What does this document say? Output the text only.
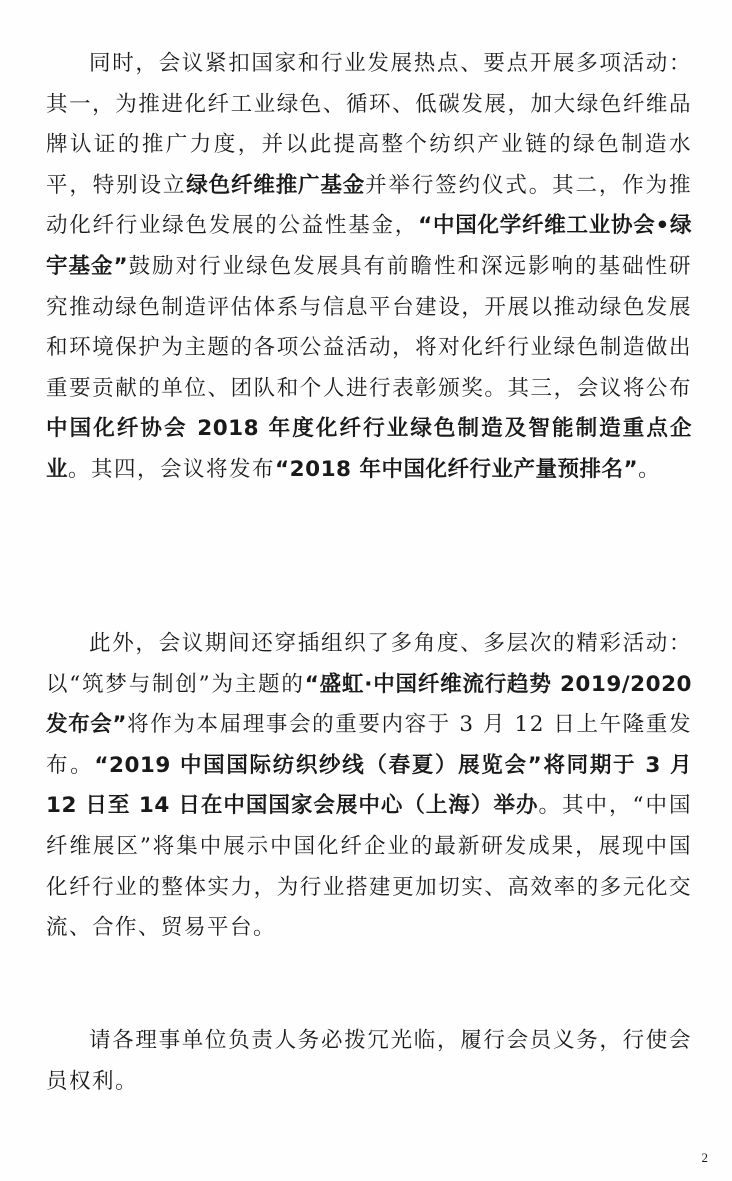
同时，会议紧扣国家和行业发展热点、要点开展多项活动：其一，为推进化纤工业绿色、循环、低碳发展，加大绿色纤维品牌认证的推广力度，并以此提高整个纺织产业链的绿色制造水平，特别设立绿色纤维推广基金并举行签约仪式。其二，作为推动化纤行业绿色发展的公益性基金，“中国化学纤维工业协会•绿宇基金”鼓励对行业绿色发展具有前瞻性和深远影响的基础性研究推动绿色制造评估体系与信息平台建设，开展以推动绿色发展和环境保护为主题的各项公益活动，将对化纤行业绿色制造做出重要贡献的单位、团队和个人进行表彰颁奖。其三，会议将公布中国化纤协会 2018 年度化纤行业绿色制造及智能制造重点企业。其四，会议将发布“2018 年中国化纤行业产量预排名”。

此外，会议期间还穿插组织了多角度、多层次的精彩活动：以“筑梦与制创”为主题的“盛虹·中国纤维流行趋势 2019/2020 发布会”将作为本届理事会的重要内容于 3 月 12 日上午隆重发布。“2019 中国国际纺织纱线（春夏）展览会”将同期于 3 月 12 日至 14 日在中国国家会展中心（上海）举办。其中，“中国纤维展区”将集中展示中国化纤企业的最新研发成果，展现中国化纤行业的整体实力，为行业搭建更加切实、高效率的多元化交流、合作、贸易平台。

请各理事单位负责人务必拨冗光临，履行会员义务，行使会员权利。

2
